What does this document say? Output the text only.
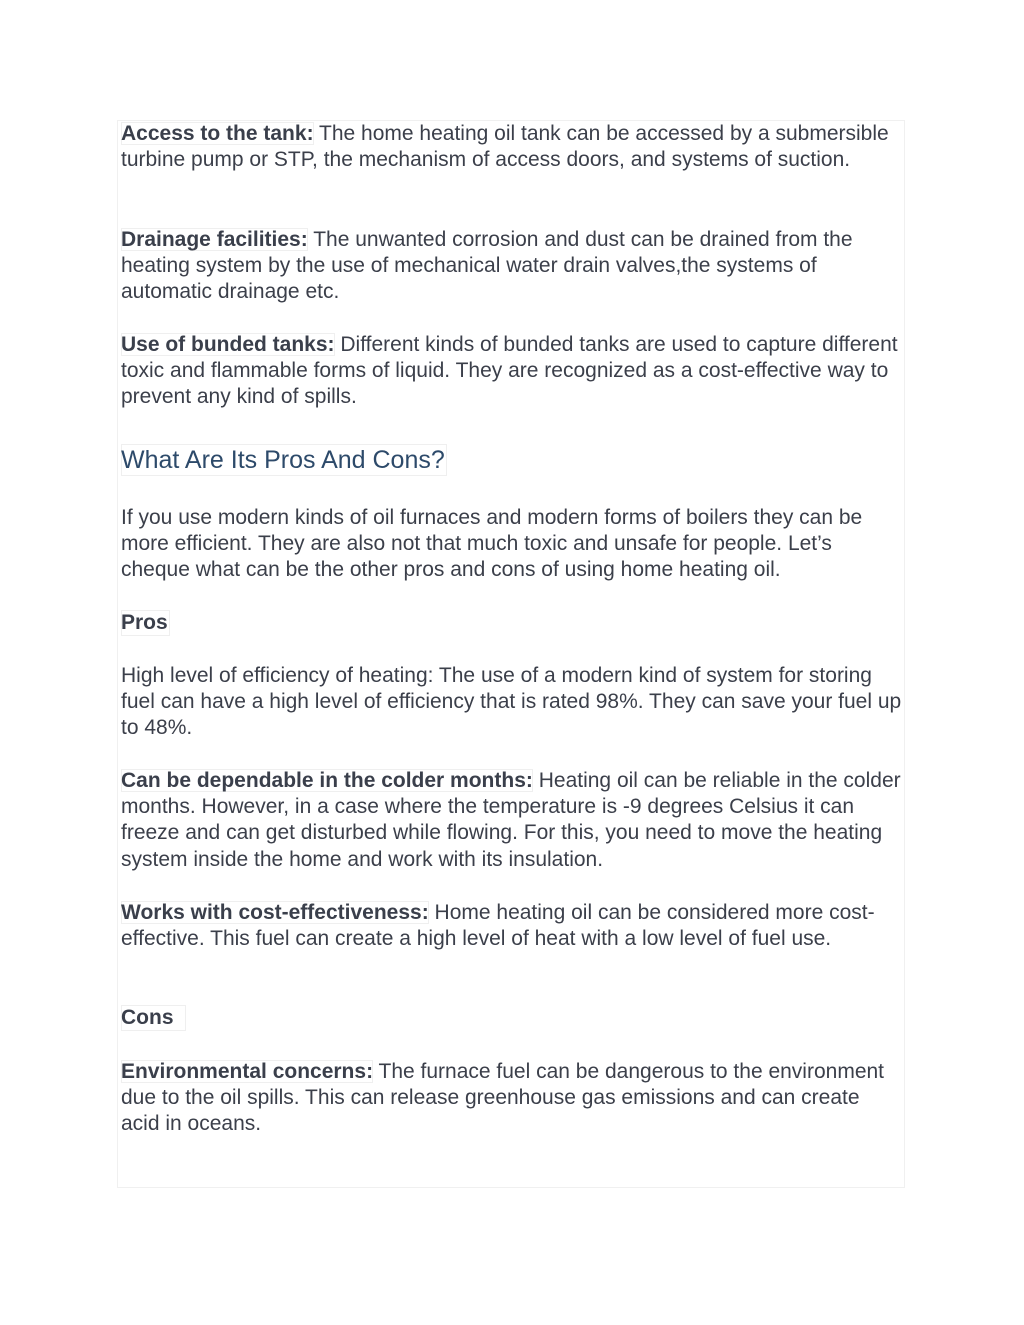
Access to the tank: The home heating oil tank can be accessed by a submersible turbine pump or STP, the mechanism of access doors, and systems of suction.

Drainage facilities: The unwanted corrosion and dust can be drained from the heating system by the use of mechanical water drain valves,the systems of automatic drainage etc.

Use of bunded tanks: Different kinds of bunded tanks are used to capture different toxic and flammable forms of liquid. They are recognized as a cost-effective way to prevent any kind of spills.

What Are Its Pros And Cons?

If you use modern kinds of oil furnaces and modern forms of boilers they can be more efficient. They are also not that much toxic and unsafe for people. Let’s cheque what can be the other pros and cons of using home heating oil.

Pros

High level of efficiency of heating: The use of a modern kind of system for storing fuel can have a high level of efficiency that is rated 98%. They can save your fuel up to 48%.

Can be dependable in the colder months: Heating oil can be reliable in the colder months. However, in a case where the temperature is -9 degrees Celsius it can freeze and can get disturbed while flowing. For this, you need to move the heating system inside the home and work with its insulation.

Works with cost-effectiveness: Home heating oil can be considered more cost-effective. This fuel can create a high level of heat with a low level of fuel use.

Cons

Environmental concerns: The furnace fuel can be dangerous to the environment due to the oil spills. This can release greenhouse gas emissions and can create acid in oceans.
